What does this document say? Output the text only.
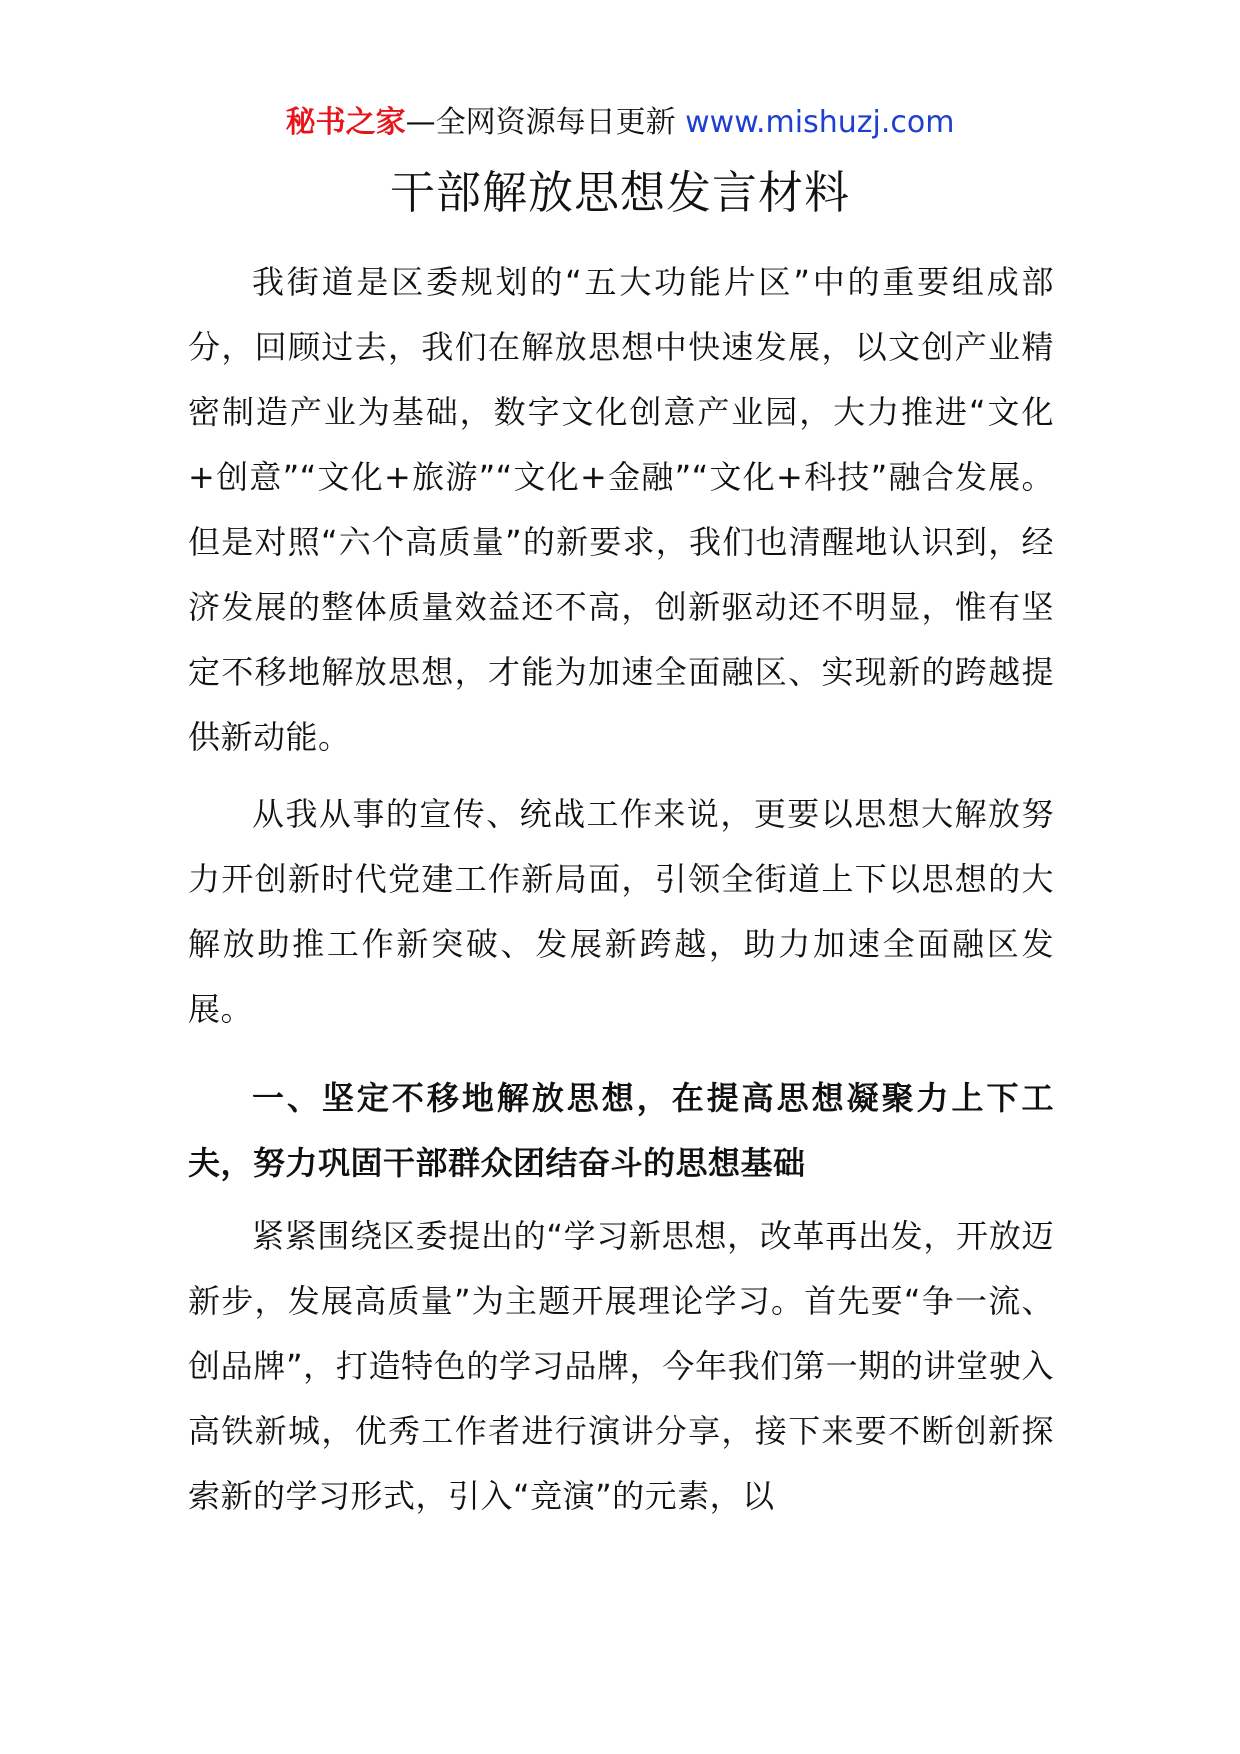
秘书之家—全网资源每日更新 www.mishuzj.com
干部解放思想发言材料

我街道是区委规划的“五大功能片区”中的重要组成部分，回顾过去，我们在解放思想中快速发展，以文创产业精密制造产业为基础，数字文化创意产业园，大力推进“文化+创意”“文化+旅游”“文化+金融”“文化+科技”融合发展。但是对照“六个高质量”的新要求，我们也清醒地认识到，经济发展的整体质量效益还不高，创新驱动还不明显，惟有坚定不移地解放思想，才能为加速全面融区、实现新的跨越提供新动能。

从我从事的宣传、统战工作来说，更要以思想大解放努力开创新时代党建工作新局面，引领全街道上下以思想的大解放助推工作新突破、发展新跨越，助力加速全面融区发展。

一、坚定不移地解放思想，在提高思想凝聚力上下工夫，努力巩固干部群众团结奋斗的思想基础

紧紧围绕区委提出的“学习新思想，改革再出发，开放迈新步，发展高质量”为主题开展理论学习。首先要“争一流、创品牌”，打造特色的学习品牌，今年我们第一期的讲堂驶入高铁新城，优秀工作者进行演讲分享，接下来要不断创新探索新的学习形式，引入“竞演”的元素，以
